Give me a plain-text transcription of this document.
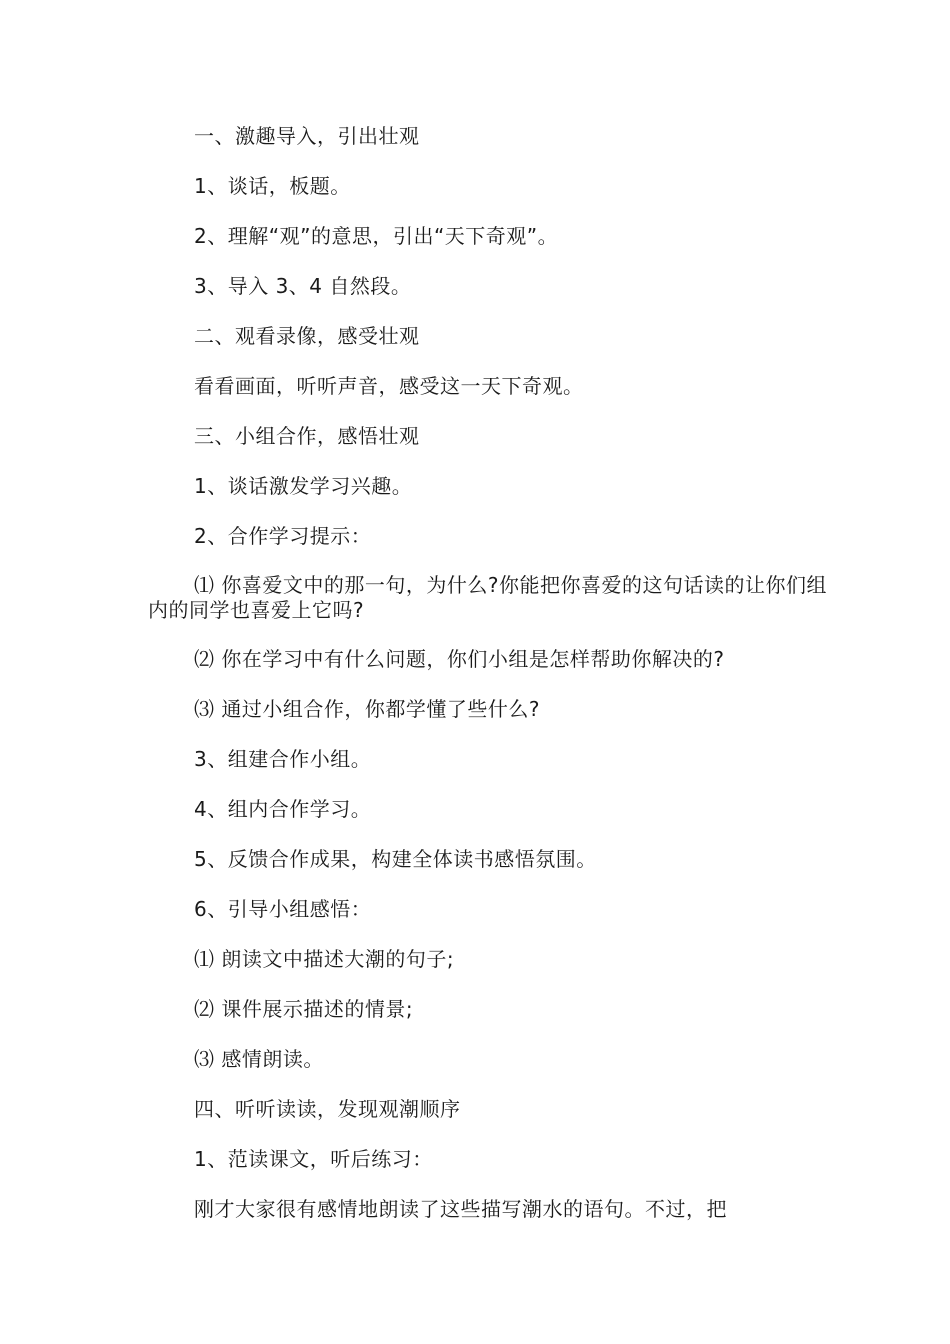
一、激趣导入，引出壮观

1、谈话，板题。

2、理解“观”的意思，引出“天下奇观”。

3、导入 3、4 自然段。

二、观看录像，感受壮观

看看画面，听听声音，感受这一天下奇观。

三、小组合作，感悟壮观

1、谈话激发学习兴趣。

2、合作学习提示：

⑴ 你喜爱文中的那一句，为什么?你能把你喜爱的这句话读的让你们组内的同学也喜爱上它吗?

⑵ 你在学习中有什么问题，你们小组是怎样帮助你解决的?

⑶ 通过小组合作，你都学懂了些什么?

3、组建合作小组。

4、组内合作学习。

5、反馈合作成果，构建全体读书感悟氛围。

6、引导小组感悟：

⑴ 朗读文中描述大潮的句子;

⑵ 课件展示描述的情景;

⑶ 感情朗读。

四、听听读读，发现观潮顺序

1、范读课文，听后练习：

刚才大家很有感情地朗读了这些描写潮水的语句。不过，把
